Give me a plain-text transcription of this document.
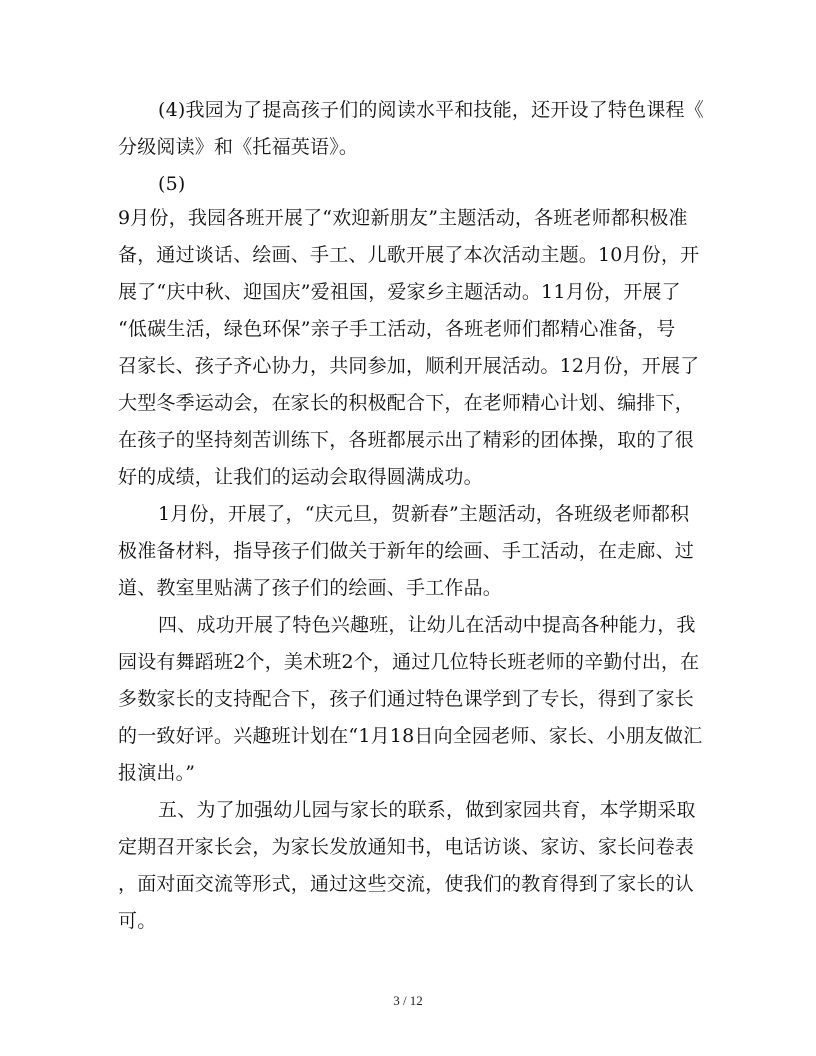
(4)我园为了提高孩子们的阅读水平和技能，还开设了特色课程《
分级阅读》和《托福英语》。
(5)
9月份，我园各班开展了“欢迎新朋友”主题活动，各班老师都积极准
备，通过谈话、绘画、手工、儿歌开展了本次活动主题。10月份，开
展了“庆中秋、迎国庆”爱祖国，爱家乡主题活动。11月份，开展了
“低碳生活，绿色环保”亲子手工活动，各班老师们都精心准备，号
召家长、孩子齐心协力，共同参加，顺利开展活动。12月份，开展了
大型冬季运动会，在家长的积极配合下，在老师精心计划、编排下，
在孩子的坚持刻苦训练下，各班都展示出了精彩的团体操，取的了很
好的成绩，让我们的运动会取得圆满成功。
1月份，开展了，“庆元旦，贺新春”主题活动，各班级老师都积
极准备材料，指导孩子们做关于新年的绘画、手工活动，在走廊、过
道、教室里贴满了孩子们的绘画、手工作品。
四、成功开展了特色兴趣班，让幼儿在活动中提高各种能力，我
园设有舞蹈班2个，美术班2个，通过几位特长班老师的辛勤付出，在
多数家长的支持配合下，孩子们通过特色课学到了专长，得到了家长
的一致好评。兴趣班计划在“1月18日向全园老师、家长、小朋友做汇
报演出。”
五、为了加强幼儿园与家长的联系，做到家园共育，本学期采取
定期召开家长会，为家长发放通知书，电话访谈、家访、家长问卷表
，面对面交流等形式，通过这些交流，使我们的教育得到了家长的认
可。
3 / 12
